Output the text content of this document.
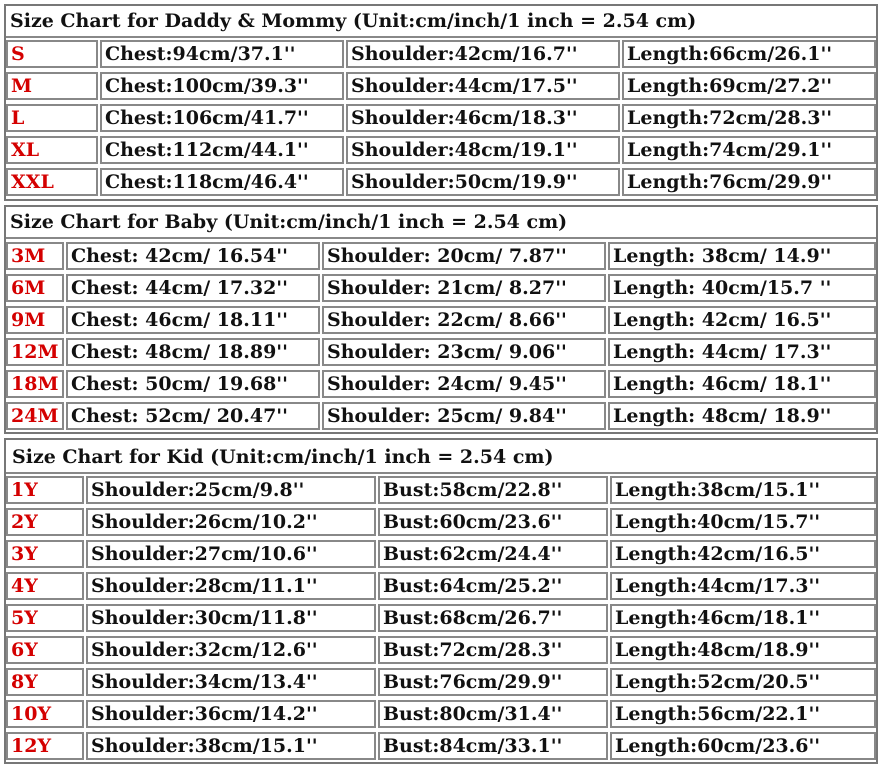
Size Chart for Daddy & Mommy (Unit:cm/inch/1 inch = 2.54 cm)
S	Chest:94cm/37.1''	Shoulder:42cm/16.7''	Length:66cm/26.1''
M	Chest:100cm/39.3''	Shoulder:44cm/17.5''	Length:69cm/27.2''
L	Chest:106cm/41.7''	Shoulder:46cm/18.3''	Length:72cm/28.3''
XL	Chest:112cm/44.1''	Shoulder:48cm/19.1''	Length:74cm/29.1''
XXL	Chest:118cm/46.4''	Shoulder:50cm/19.9''	Length:76cm/29.9''
Size Chart for Baby (Unit:cm/inch/1 inch = 2.54 cm)
3M	Chest: 42cm/ 16.54''	Shoulder: 20cm/ 7.87''	Length: 38cm/ 14.9''
6M	Chest: 44cm/ 17.32''	Shoulder: 21cm/ 8.27''	Length: 40cm/15.7 ''
9M	Chest: 46cm/ 18.11''	Shoulder: 22cm/ 8.66''	Length: 42cm/ 16.5''
12M Chest: 48cm/ 18.89''	Shoulder: 23cm/ 9.06''	Length: 44cm/ 17.3''
18M Chest: 50cm/ 19.68''	Shoulder: 24cm/ 9.45''	Length: 46cm/ 18.1''
24M Chest: 52cm/ 20.47''	Shoulder: 25cm/ 9.84''	Length: 48cm/ 18.9''
Size Chart for Kid (Unit:cm/inch/1 inch = 2.54 cm)
1Y	Shoulder:25cm/9.8''	Bust:58cm/22.8''	Length:38cm/15.1''
2Y	Shoulder:26cm/10.2''	Bust:60cm/23.6''	Length:40cm/15.7''
3Y	Shoulder:27cm/10.6''	Bust:62cm/24.4''	Length:42cm/16.5''
4Y	Shoulder:28cm/11.1''	Bust:64cm/25.2''	Length:44cm/17.3''
5Y	Shoulder:30cm/11.8''	Bust:68cm/26.7''	Length:46cm/18.1''
6Y	Shoulder:32cm/12.6''	Bust:72cm/28.3''	Length:48cm/18.9''
8Y	Shoulder:34cm/13.4''	Bust:76cm/29.9''	Length:52cm/20.5''
10Y	Shoulder:36cm/14.2''	Bust:80cm/31.4''	Length:56cm/22.1''
12Y	Shoulder:38cm/15.1''	Bust:84cm/33.1''	Length:60cm/23.6''
